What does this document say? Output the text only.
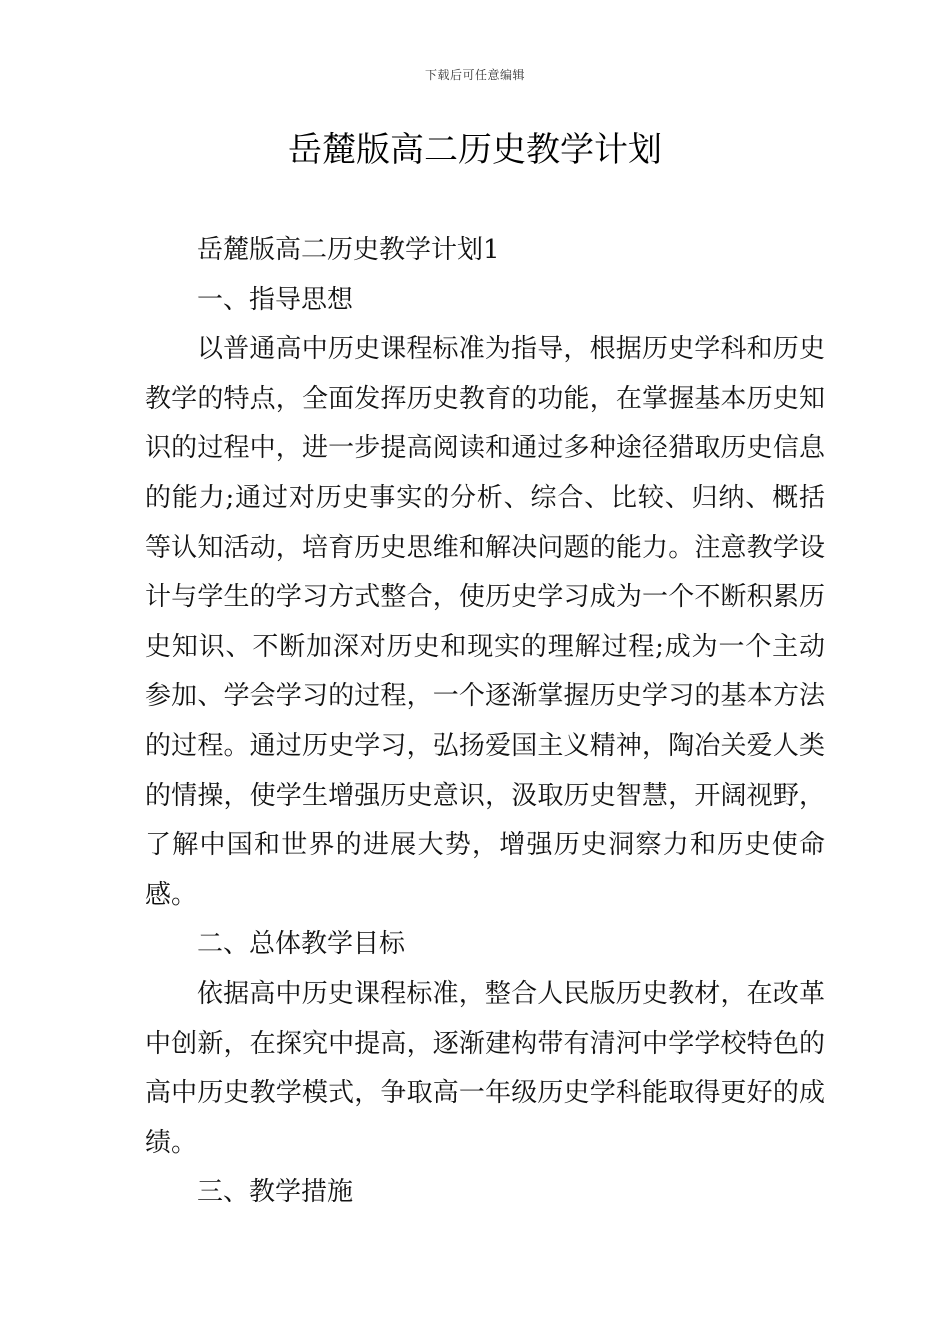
下载后可任意编辑
岳麓版高二历史教学计划

岳麓版高二历史教学计划1

一、指导思想

以普通高中历史课程标准为指导，根据历史学科和历史教学的特点，全面发挥历史教育的功能，在掌握基本历史知识的过程中，进一步提高阅读和通过多种途径猎取历史信息的能力;通过对历史事实的分析、综合、比较、归纳、概括等认知活动，培育历史思维和解决问题的能力。注意教学设计与学生的学习方式整合，使历史学习成为一个不断积累历史知识、不断加深对历史和现实的理解过程;成为一个主动参加、学会学习的过程，一个逐渐掌握历史学习的基本方法的过程。通过历史学习，弘扬爱国主义精神，陶冶关爱人类的情操，使学生增强历史意识，汲取历史智慧，开阔视野，了解中国和世界的进展大势，增强历史洞察力和历史使命感。

二、总体教学目标

依据高中历史课程标准，整合人民版历史教材，在改革中创新，在探究中提高，逐渐建构带有清河中学学校特色的高中历史教学模式，争取高一年级历史学科能取得更好的成绩。

三、教学措施
